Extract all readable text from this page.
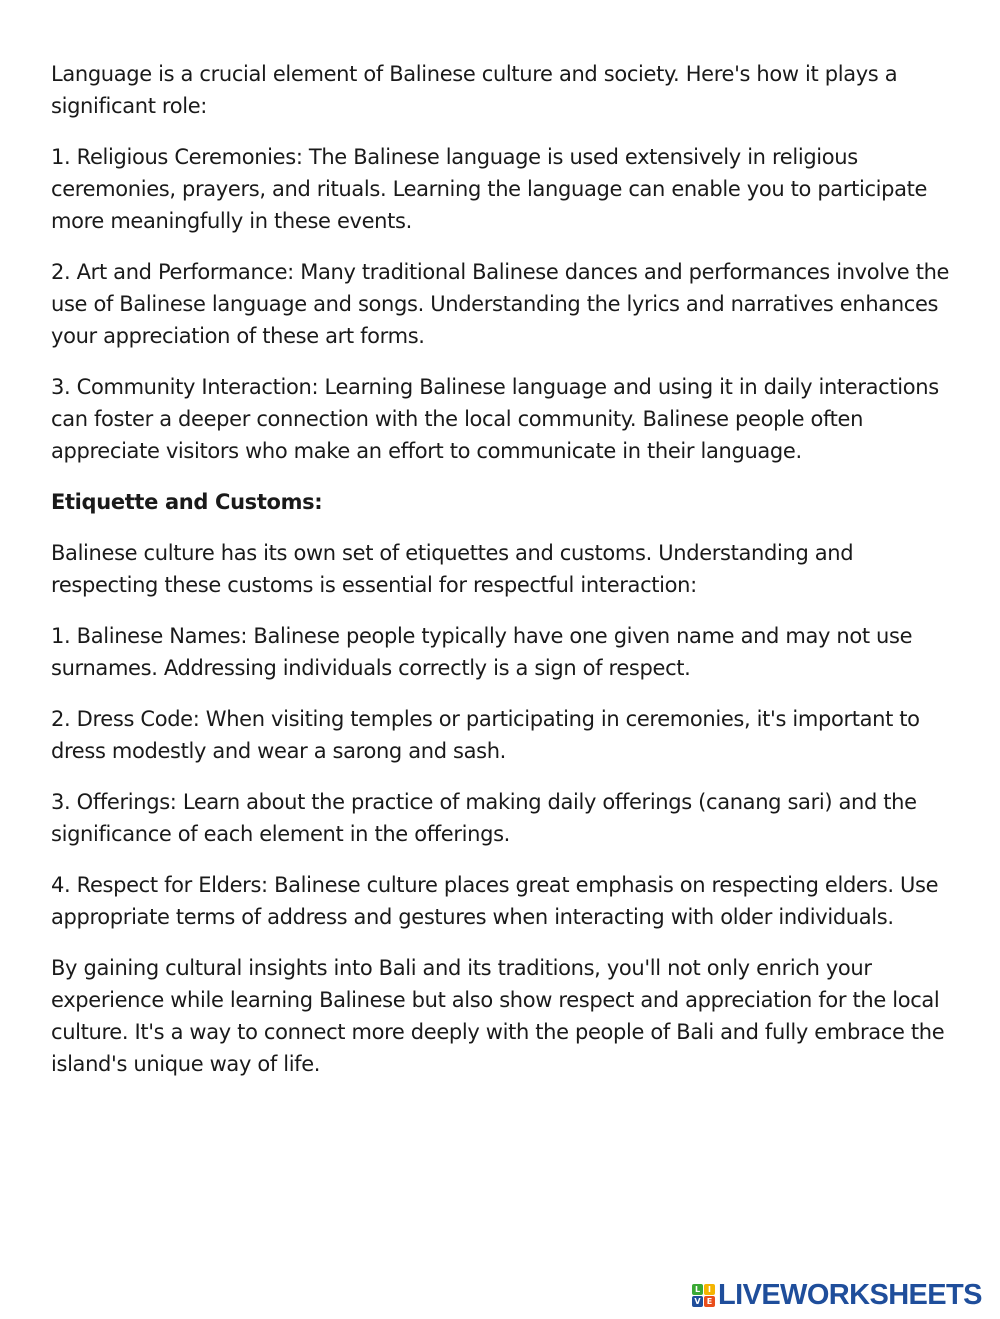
Language is a crucial element of Balinese culture and society. Here's how it plays a significant role:

1. Religious Ceremonies: The Balinese language is used extensively in religious ceremonies, prayers, and rituals. Learning the language can enable you to participate more meaningfully in these events.

2. Art and Performance: Many traditional Balinese dances and performances involve the use of Balinese language and songs. Understanding the lyrics and narratives enhances your appreciation of these art forms.

3. Community Interaction: Learning Balinese language and using it in daily interactions can foster a deeper connection with the local community. Balinese people often appreciate visitors who make an effort to communicate in their language.

Etiquette and Customs:

Balinese culture has its own set of etiquettes and customs. Understanding and respecting these customs is essential for respectful interaction:

1. Balinese Names: Balinese people typically have one given name and may not use surnames. Addressing individuals correctly is a sign of respect.

2. Dress Code: When visiting temples or participating in ceremonies, it's important to dress modestly and wear a sarong and sash.

3. Offerings: Learn about the practice of making daily offerings (canang sari) and the significance of each element in the offerings.

4. Respect for Elders: Balinese culture places great emphasis on respecting elders. Use appropriate terms of address and gestures when interacting with older individuals.

By gaining cultural insights into Bali and its traditions, you'll not only enrich your experience while learning Balinese but also show respect and appreciation for the local culture. It's a way to connect more deeply with the people of Bali and fully embrace the island's unique way of life.

L I
V E LIVEWORKSHEETS
